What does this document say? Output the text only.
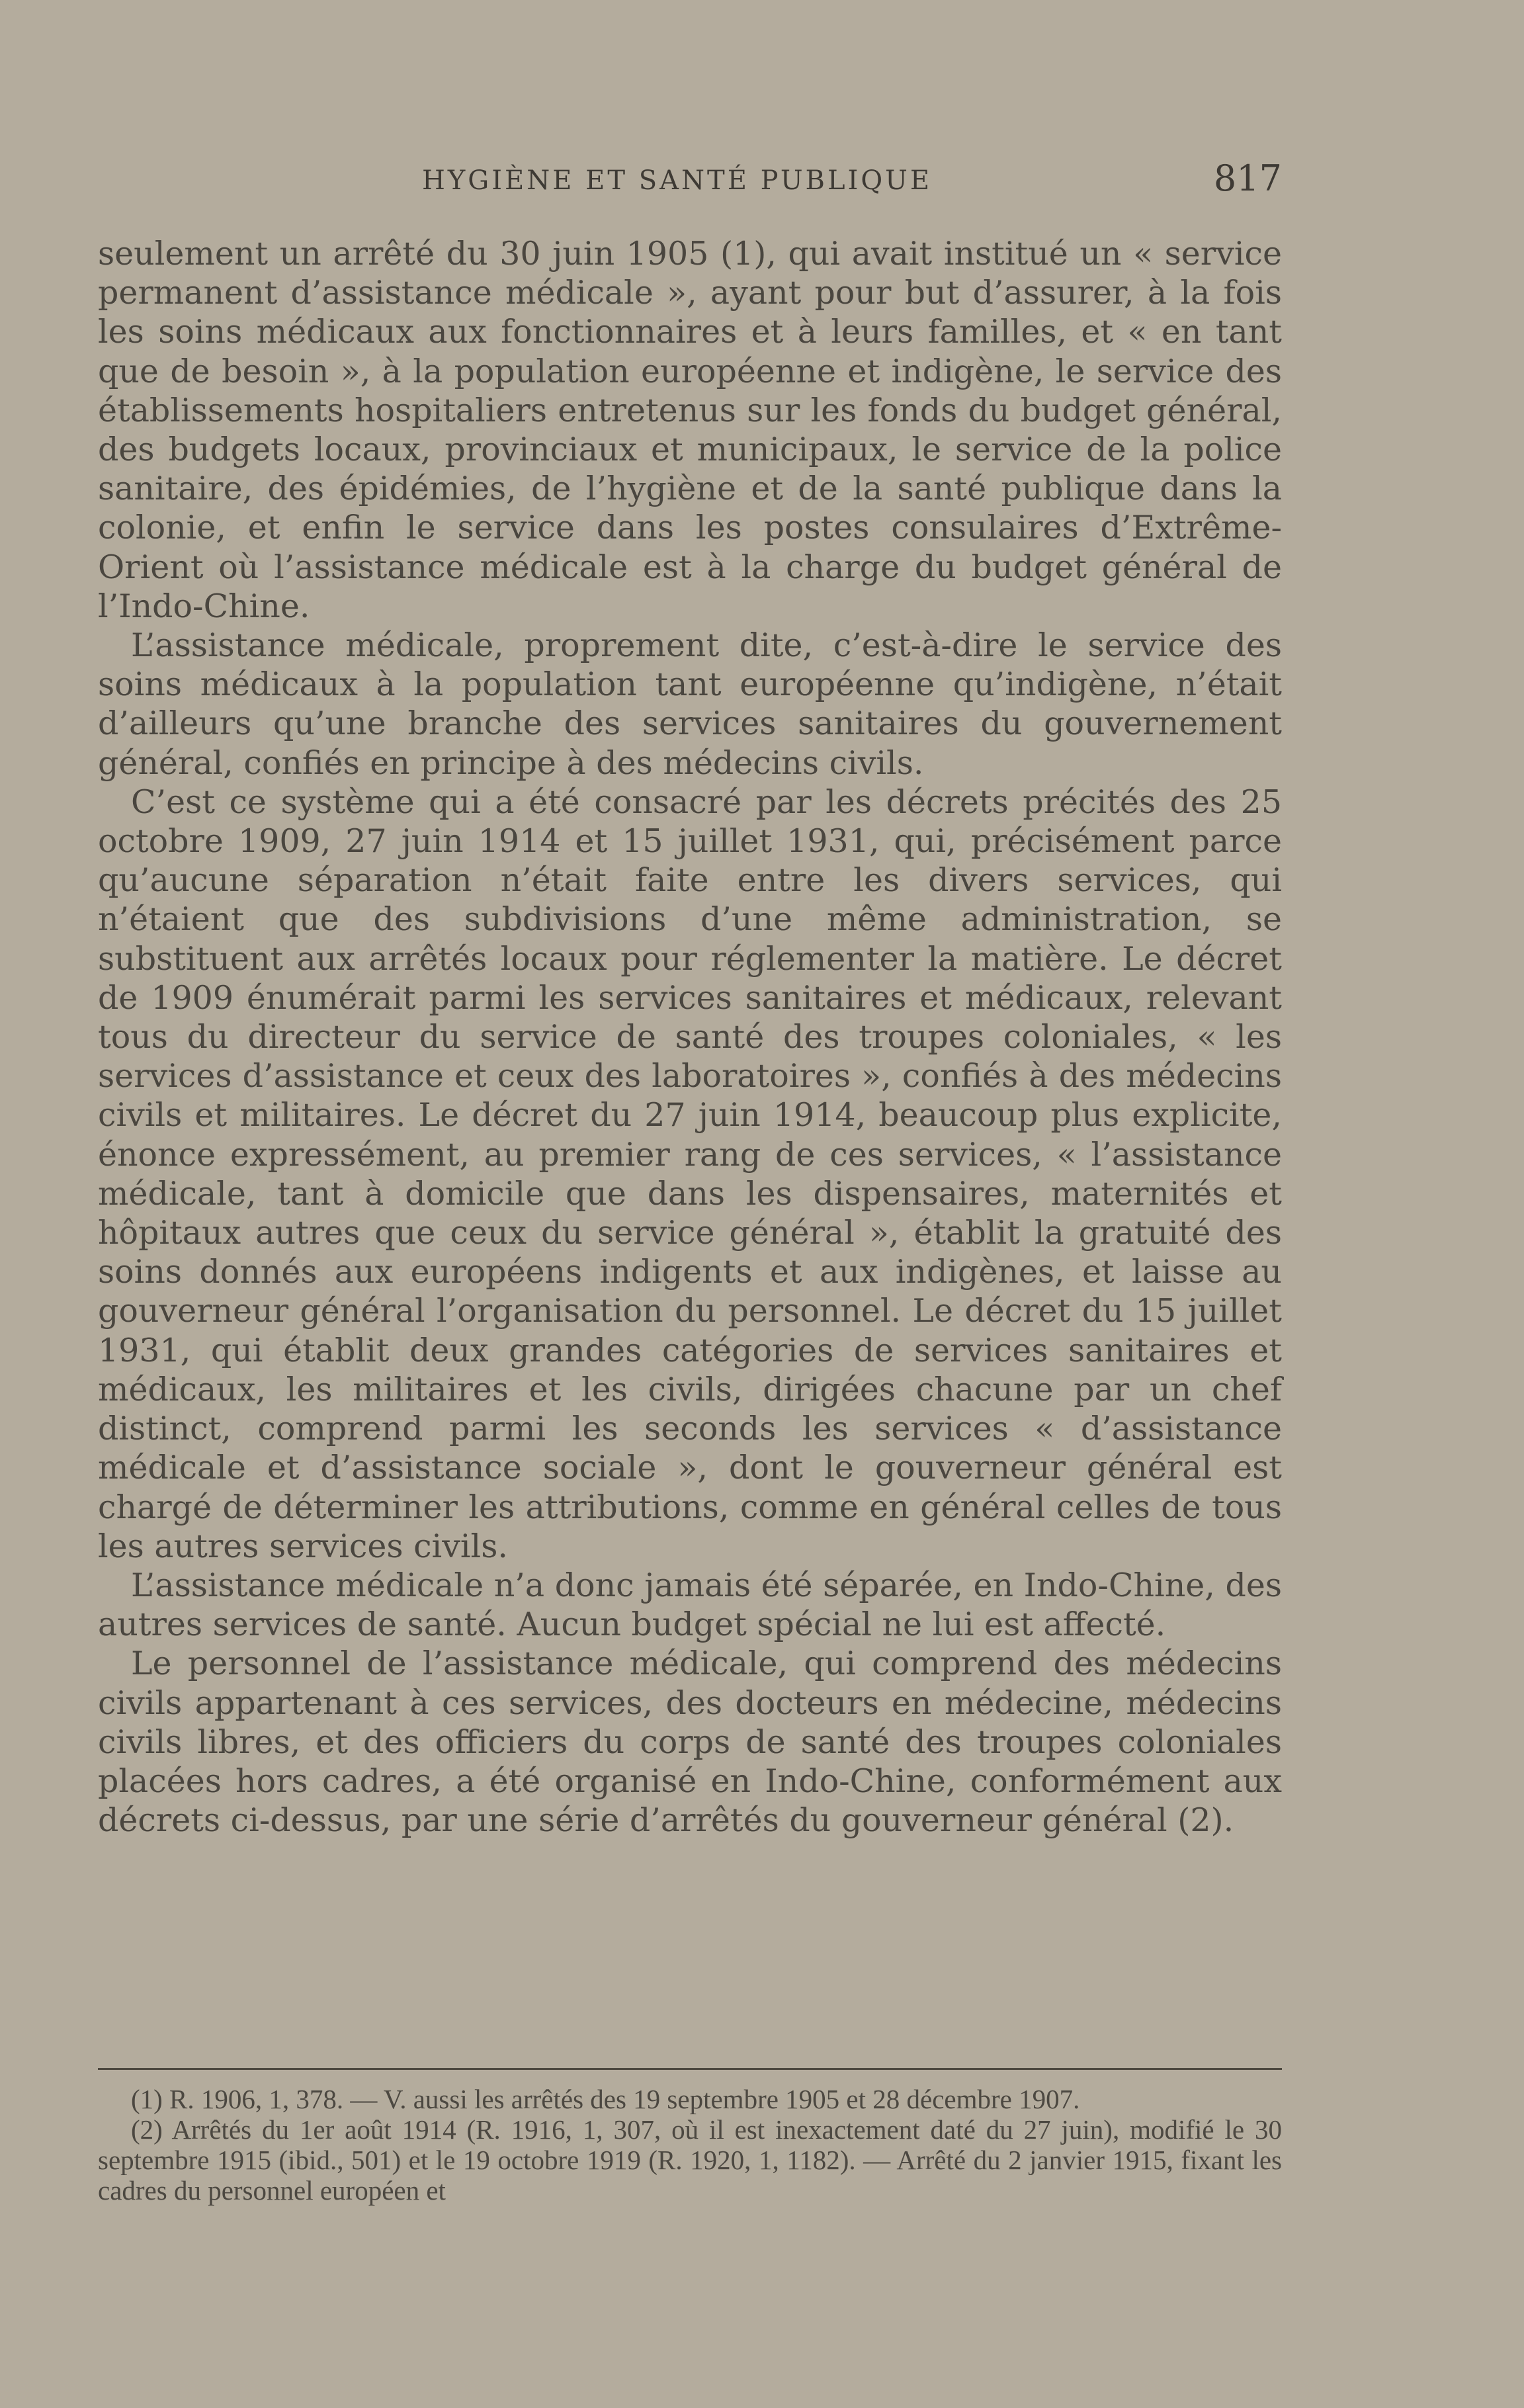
HYGIÈNE ET SANTÉ PUBLIQUE	817

seulement un arrêté du 30 juin 1905 (1), qui avait institué un « service permanent d’assistance médicale », ayant pour but d’assurer, à la fois les soins médicaux aux fonctionnaires et à leurs familles, et « en tant que de besoin », à la population européenne et indigène, le service des établissements hospitaliers entretenus sur les fonds du budget général, des budgets locaux, provinciaux et municipaux, le service de la police sanitaire, des épidémies, de l’hygiène et de la santé publique dans la colonie, et enfin le service dans les postes consulaires d’Extrême-Orient où l’assistance médicale est à la charge du budget général de l’Indo-Chine.

L’assistance médicale, proprement dite, c’est-à-dire le service des soins médicaux à la population tant européenne qu’indigène, n’était d’ailleurs qu’une branche des services sanitaires du gouvernement général, confiés en principe à des médecins civils.

C’est ce système qui a été consacré par les décrets précités des 25 octobre 1909, 27 juin 1914 et 15 juillet 1931, qui, précisément parce qu’aucune séparation n’était faite entre les divers services, qui n’étaient que des subdivisions d’une même administration, se substituent aux arrêtés locaux pour réglementer la matière. Le décret de 1909 énumérait parmi les services sanitaires et médicaux, relevant tous du directeur du service de santé des troupes coloniales, « les services d’assistance et ceux des laboratoires », confiés à des médecins civils et militaires. Le décret du 27 juin 1914, beaucoup plus explicite, énonce expressément, au premier rang de ces services, « l’assistance médicale, tant à domicile que dans les dispensaires, maternités et hôpitaux autres que ceux du service général », établit la gratuité des soins donnés aux européens indigents et aux indigènes, et laisse au gouverneur général l’organisation du personnel. Le décret du 15 juillet 1931, qui établit deux grandes catégories de services sanitaires et médicaux, les militaires et les civils, dirigées chacune par un chef distinct, comprend parmi les seconds les services « d’assistance médicale et d’assistance sociale », dont le gouverneur général est chargé de déterminer les attributions, comme en général celles de tous les autres services civils.

L’assistance médicale n’a donc jamais été séparée, en Indo-Chine, des autres services de santé. Aucun budget spécial ne lui est affecté.

Le personnel de l’assistance médicale, qui comprend des médecins civils appartenant à ces services, des docteurs en médecine, médecins civils libres, et des officiers du corps de santé des troupes coloniales placées hors cadres, a été organisé en Indo-Chine, conformément aux décrets ci-dessus, par une série d’arrêtés du gouverneur général (2).

(1) R. 1906, 1, 378. — V. aussi les arrêtés des 19 septembre 1905 et 28 décembre 1907.

(2) Arrêtés du 1er août 1914 (R. 1916, 1, 307, où il est inexactement daté du 27 juin), modifié le 30 septembre 1915 (ibid., 501) et le 19 octobre 1919 (R. 1920, 1, 1182). — Arrêté du 2 janvier 1915, fixant les cadres du personnel européen et
